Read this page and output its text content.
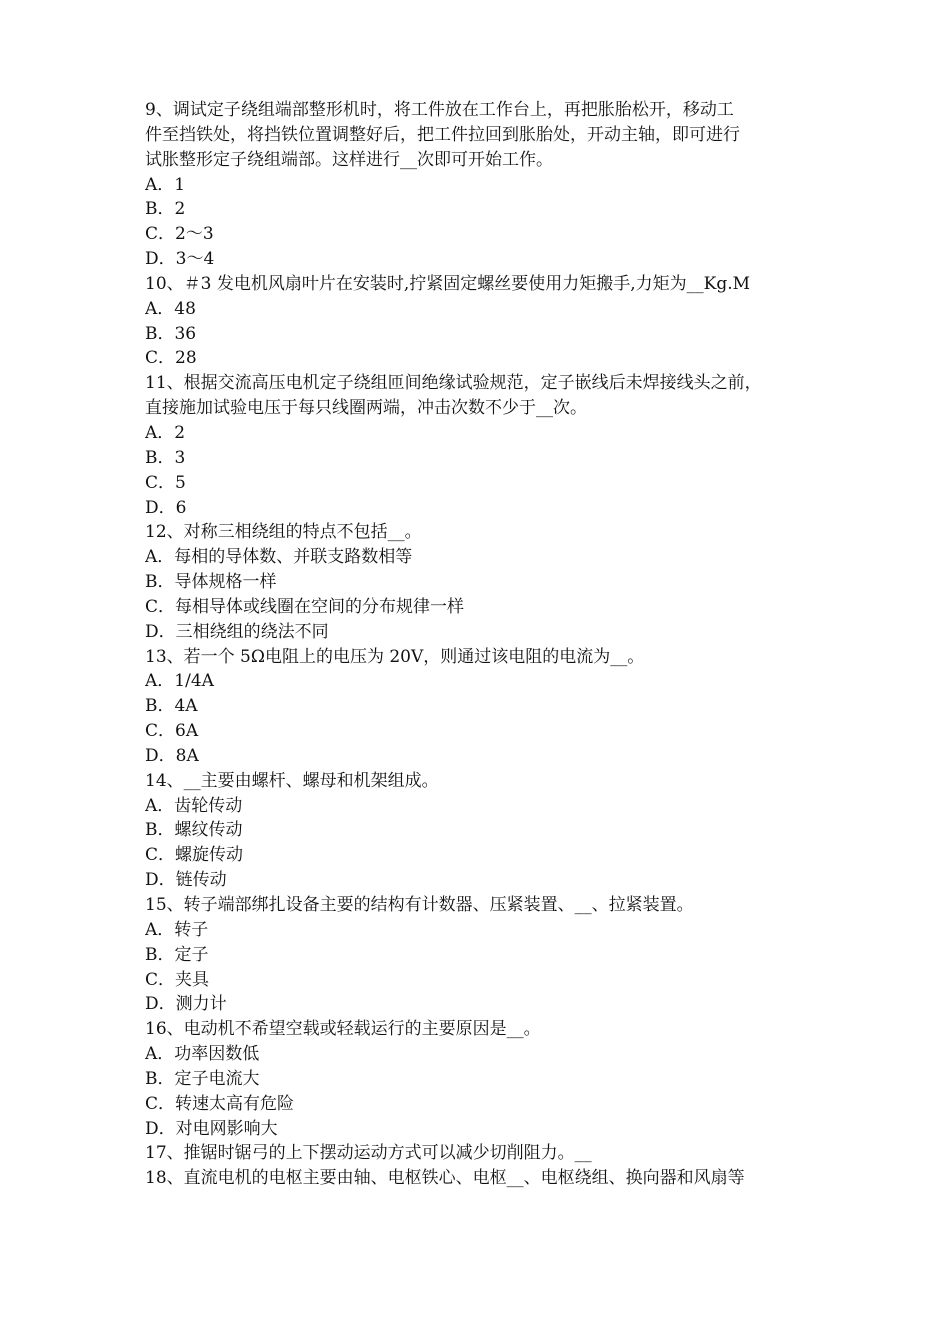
9、调试定子绕组端部整形机时，将工件放在工作台上，再把胀胎松开，移动工
件至挡铁处，将挡铁位置调整好后，把工件拉回到胀胎处，开动主轴，即可进行
试胀整形定子绕组端部。这样进行__次即可开始工作。
A．1
B．2
C．2～3
D．3～4
10、＃3 发电机风扇叶片在安装时,拧紧固定螺丝要使用力矩搬手,力矩为__Kg.M
A．48
B．36
C．28
11、根据交流高压电机定子绕组匝间绝缘试验规范，定子嵌线后未焊接线头之前，
直接施加试验电压于每只线圈两端，冲击次数不少于__次。
A．2
B．3
C．5
D．6
12、对称三相绕组的特点不包括__。
A．每相的导体数、并联支路数相等
B．导体规格一样
C．每相导体或线圈在空间的分布规律一样
D．三相绕组的绕法不同
13、若一个 5Ω电阻上的电压为 20V，则通过该电阻的电流为__。
A．1/4A
B．4A
C．6A
D．8A
14、__主要由螺杆、螺母和机架组成。
A．齿轮传动
B．螺纹传动
C．螺旋传动
D．链传动
15、转子端部绑扎设备主要的结构有计数器、压紧装置、__、拉紧装置。
A．转子
B．定子
C．夹具
D．测力计
16、电动机不希望空载或轻载运行的主要原因是__。
A．功率因数低
B．定子电流大
C．转速太高有危险
D．对电网影响大
17、推锯时锯弓的上下摆动运动方式可以减少切削阻力。__
18、直流电机的电枢主要由轴、电枢铁心、电枢__、电枢绕组、换向器和风扇等
